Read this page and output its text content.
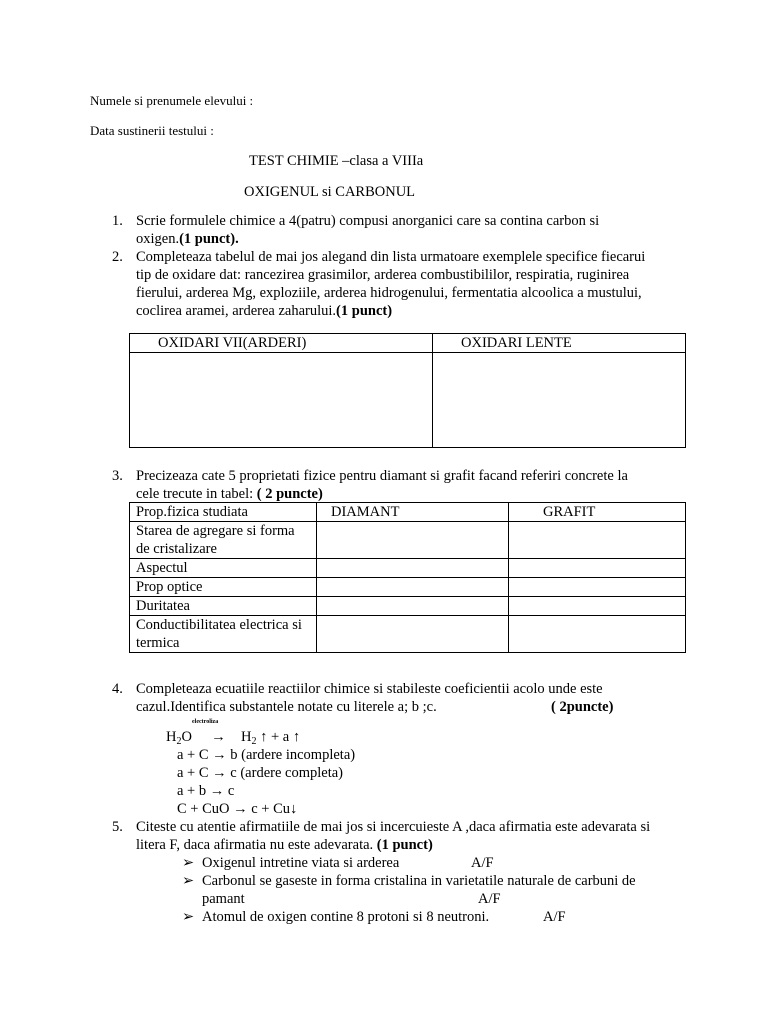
Numele si prenumele elevului :
Data sustinerii testului :
TEST CHIMIE –clasa a VIIIa
OXIGENUL si CARBONUL
1. Scrie formulele chimice a 4(patru) compusi anorganici care sa contina carbon si
oxigen.(1 punct).
2. Completeaza tabelul de mai jos alegand din lista urmatoare exemplele specifice fiecarui
tip de oxidare dat: rancezirea grasimilor, arderea combustibililor, respiratia, ruginirea
fierului, arderea Mg, exploziile, arderea hidrogenului, fermentatia alcoolica a mustului,
coclirea aramei, arderea zaharului.(1 punct)
OXIDARI VII(ARDERI)	OXIDARI LENTE

3. Precizeaza cate 5 proprietati fizice pentru diamant si grafit facand referiri concrete la
cele trecute in tabel: ( 2 puncte)
Prop.fizica studiata	DIAMANT	GRAFIT

Starea de agregare si forma
de cristalizare		

Aspectul		
Prop optice		
Duritatea		

Conductibilitatea electrica si
termica		

4. Completeaza ecuatiile reactiilor chimice si stabileste coeficientii acolo unde este
cazul.Identifica substantele notate cu literele a; b ;c.	( 2puncte)
electroliza
$H_2O \to H_2$ ↑ + a ↑
a + C → b (ardere incompleta)
a + C → c (ardere completa)
a + b → c
C + CuO → c + Cu↓
5. Citeste cu atentie afirmatiile de mai jos si incercuieste A ,daca afirmatia este adevarata si
litera F, daca afirmatia nu este adevarata. (1 punct)
➢ Oxigenul intretine viata si arderea	A/F
➢ Carbonul se gaseste in forma cristalina in varietatile naturale de carbuni de
pamant	A/F
➢ Atomul de oxigen contine 8 protoni si 8 neutroni.	A/F
